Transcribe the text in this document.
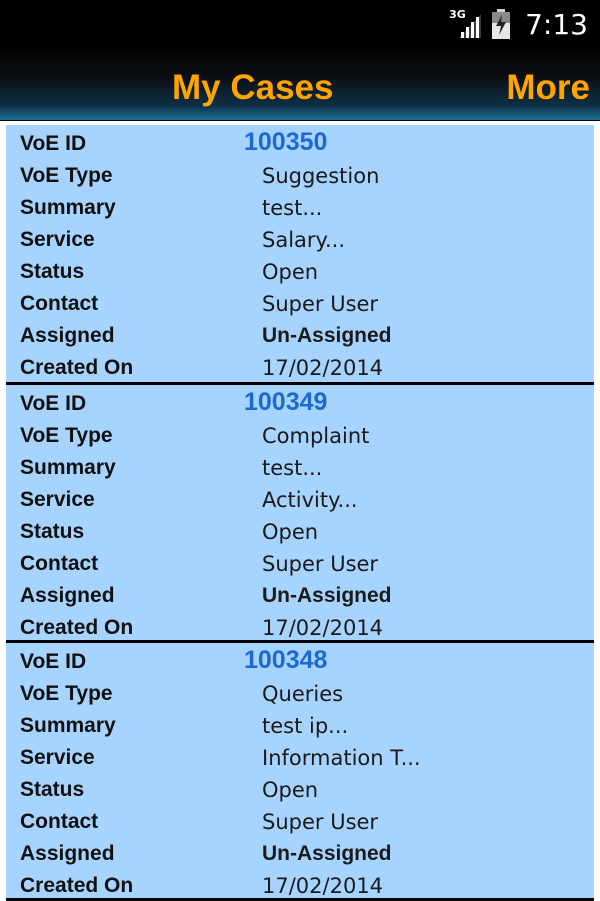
3G 7:13
My Cases	More
VoE ID	100350
VoE Type	Suggestion
Summary	test...
Service	Salary...
Status	Open
Contact	Super User
Assigned	Un-Assigned
Created On	17/02/2014
VoE ID	100349
VoE Type	Complaint
Summary	test...
Service	Activity...
Status	Open
Contact	Super User
Assigned	Un-Assigned
Created On	17/02/2014
VoE ID	100348
VoE Type	Queries
Summary	test ip...
Service	Information T...
Status	Open
Contact	Super User
Assigned	Un-Assigned
Created On	17/02/2014
